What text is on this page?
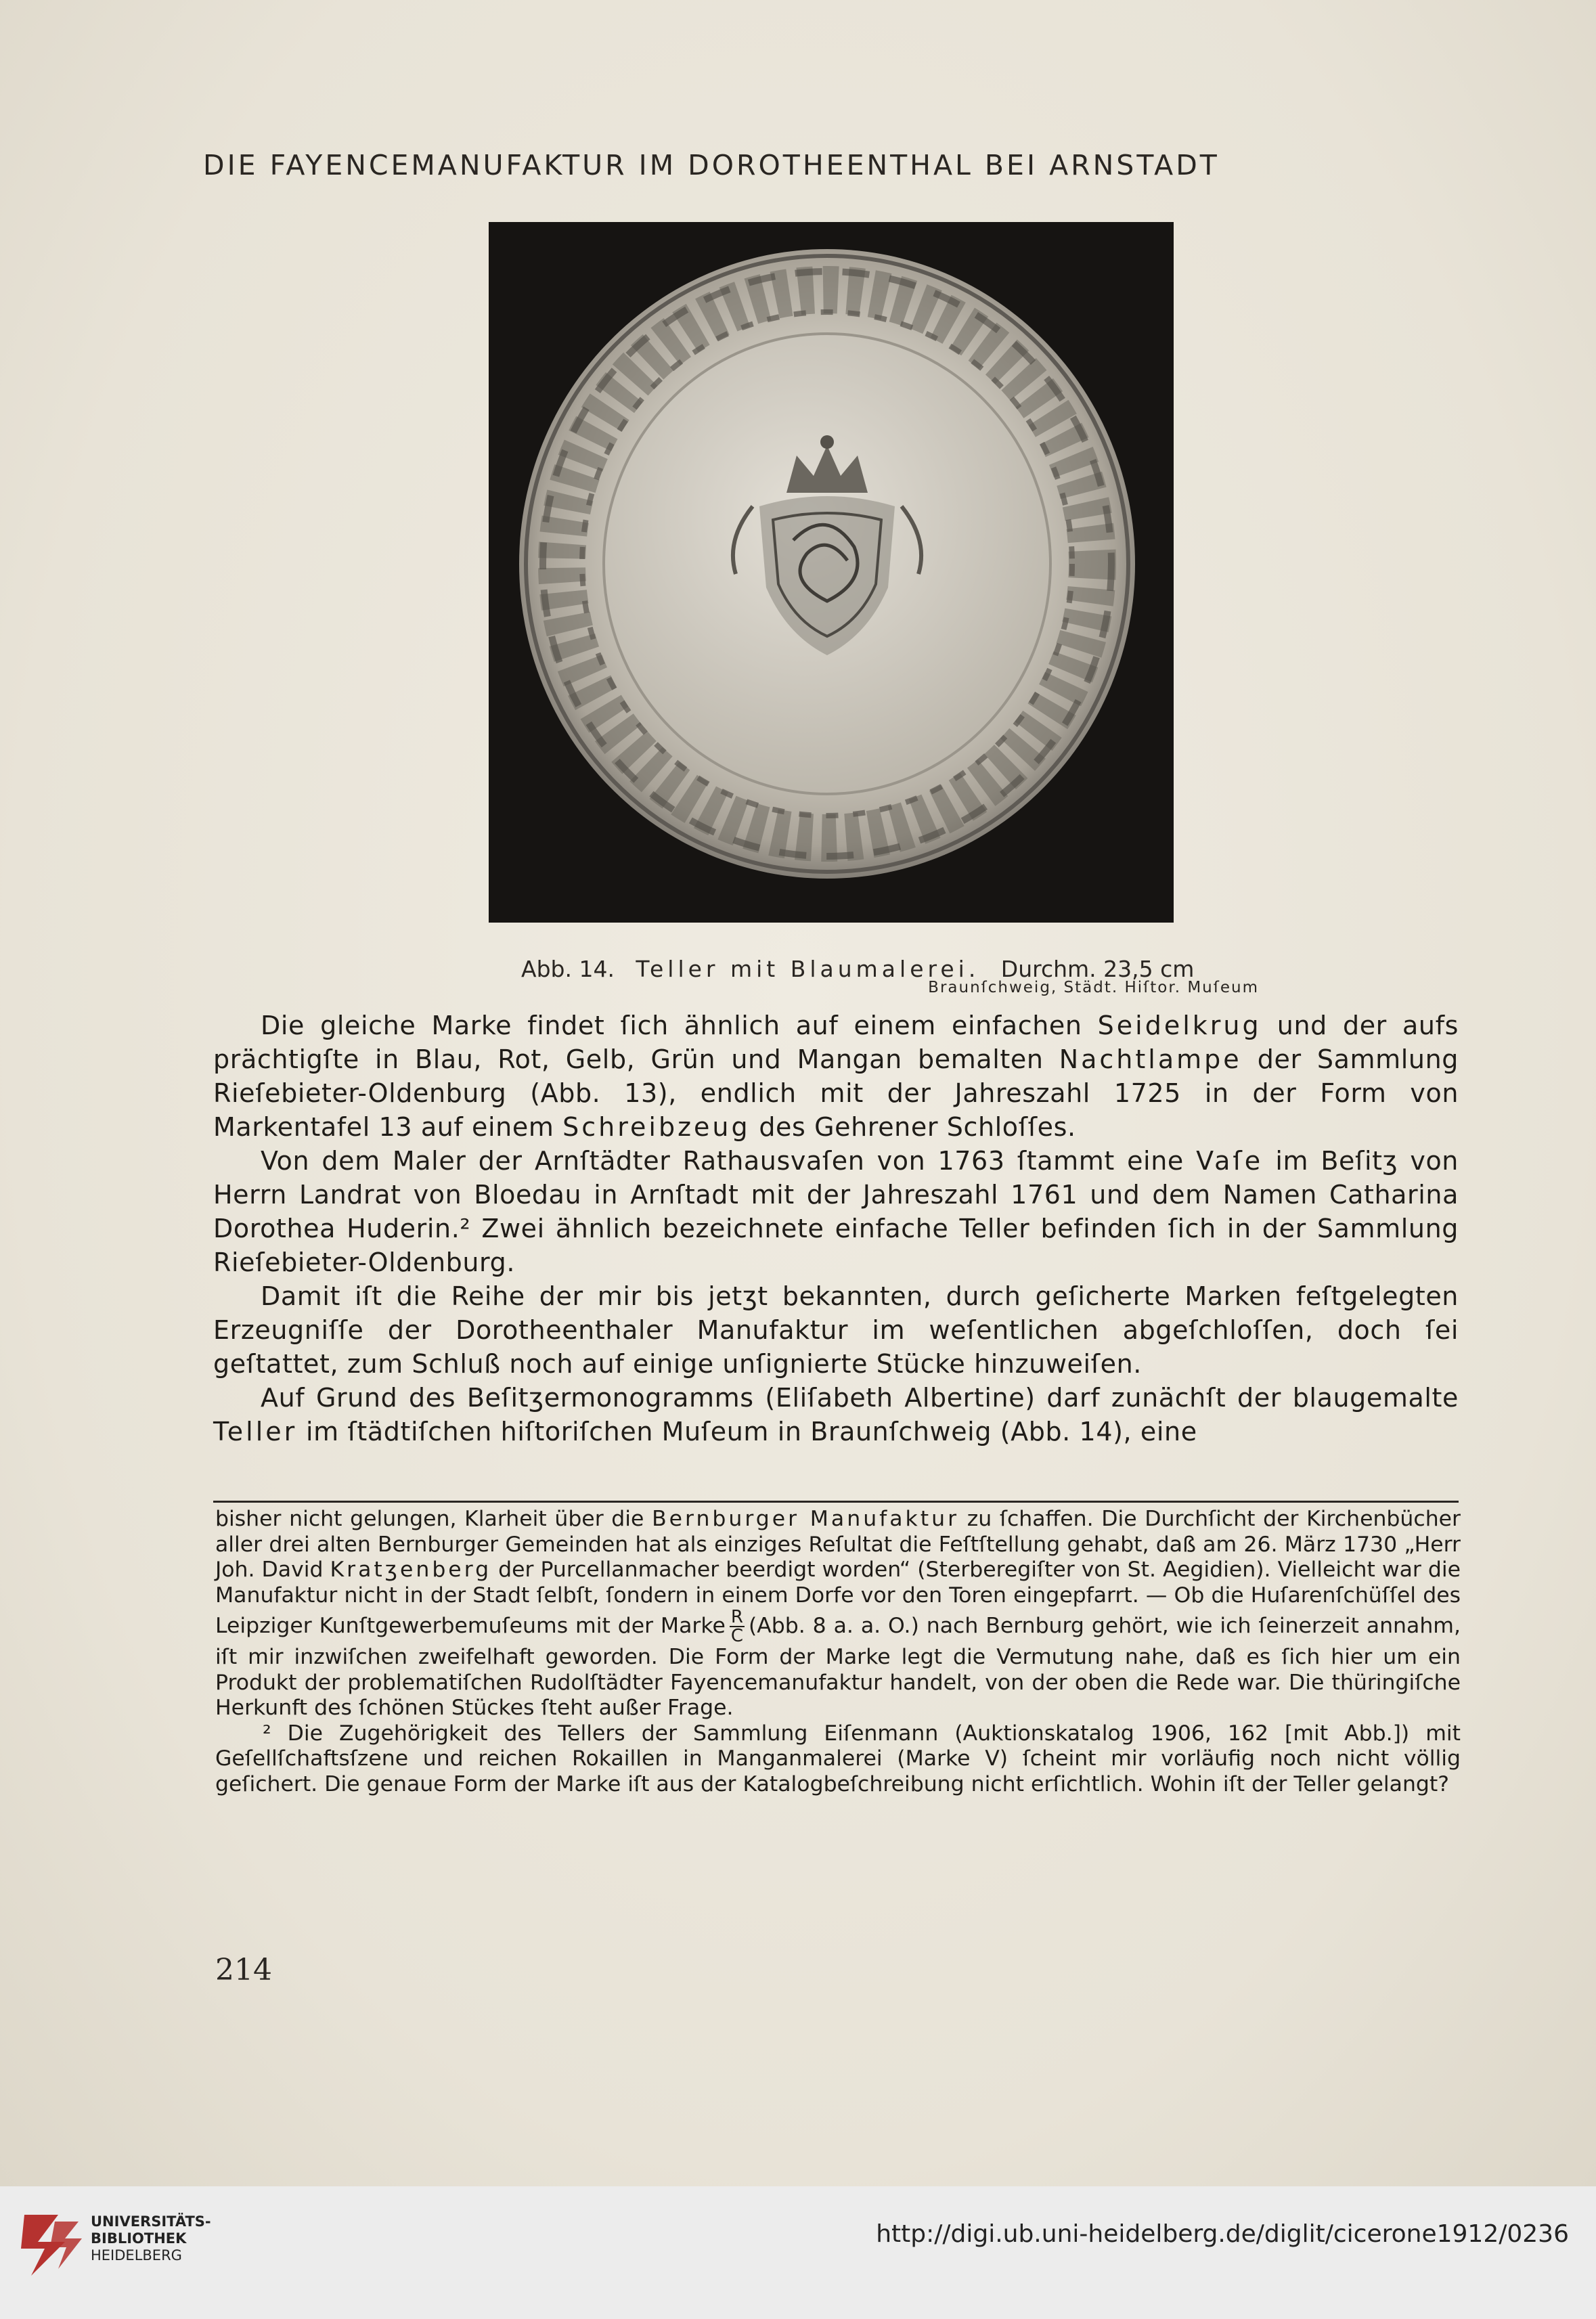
DIE FAYENCEMANUFAKTUR IM DOROTHEENTHAL BEI ARNSTADT
Abb. 14. Teller mit Blaumalerei. Durchm. 23,5 cm
Braunſchweig, Städt. Hiſtor. Muſeum

Die gleiche Marke findet ſich ähnlich auf einem einfachen Seidelkrug und der aufs prächtigſte in Blau, Rot, Gelb, Grün und Mangan bemalten Nachtlampe der Sammlung Rieſebieter-Oldenburg (Abb. 13), endlich mit der Jahreszahl 1725 in der Form von Markentafel 13 auf einem Schreibzeug des Gehrener Schloſſes.

Von dem Maler der Arnſtädter Rathausvaſen von 1763 ſtammt eine Vaſe im Beſitʒ von Herrn Landrat von Bloedau in Arnſtadt mit der Jahreszahl 1761 und dem Namen Catharina Dorothea Huderin.² Zwei ähnlich bezeichnete einfache Teller befinden ſich in der Sammlung Rieſebieter-Oldenburg.

Damit iſt die Reihe der mir bis jetʒt bekannten, durch geſicherte Marken feſtgelegten Erzeugniſſe der Dorotheenthaler Manufaktur im weſentlichen abgeſchloſſen, doch ſei geſtattet, zum Schluß noch auf einige unſignierte Stücke hinzuweiſen.

Auf Grund des Beſitʒermonogramms (Eliſabeth Albertine) darf zunächſt der blaugemalte Teller im ſtädtiſchen hiſtoriſchen Muſeum in Braunſchweig (Abb. 14), eine

bisher nicht gelungen, Klarheit über die Bernburger Manufaktur zu ſchaffen. Die Durchſicht der Kirchenbücher aller drei alten Bernburger Gemeinden hat als einziges Reſultat die Feſtſtellung gehabt, daß am 26. März 1730 „Herr Joh. David Kratʒenberg der Purcellanmacher beerdigt worden“ (Sterberegiſter von St. Aegidien). Vielleicht war die Manufaktur nicht in der Stadt ſelbſt, ſondern in einem Dorfe vor den Toren eingepfarrt. — Ob die Huſarenſchüſſel des Leipziger Kunſtgewerbemuſeums mit der Marke $\frac{R}{C} (Abb$. 8 a. a. O.) nach Bernburg gehört, wie ich ſeinerzeit annahm, iſt mir inzwiſchen zweifelhaft geworden. Die Form der Marke legt die Vermutung nahe, daß es ſich hier um ein Produkt der problematiſchen Rudolſtädter Fayencemanufaktur handelt, von der oben die Rede war. Die thüringiſche Herkunft des ſchönen Stückes ſteht außer Frage.

² Die Zugehörigkeit des Tellers der Sammlung Eiſenmann (Auktionskatalog 1906, 162 [mit Abb.]) mit Geſellſchaftsſzene und reichen Rokaillen in Manganmalerei (Marke V) ſcheint mir vorläufig noch nicht völlig geſichert. Die genaue Form der Marke iſt aus der Katalogbeſchreibung nicht erſichtlich. Wohin iſt der Teller gelangt?

214
UNIVERSITÄTS-
BIBLIOTHEK
HEIDELBERG
http://digi.ub.uni-heidelberg.de/diglit/cicerone1912/0236
